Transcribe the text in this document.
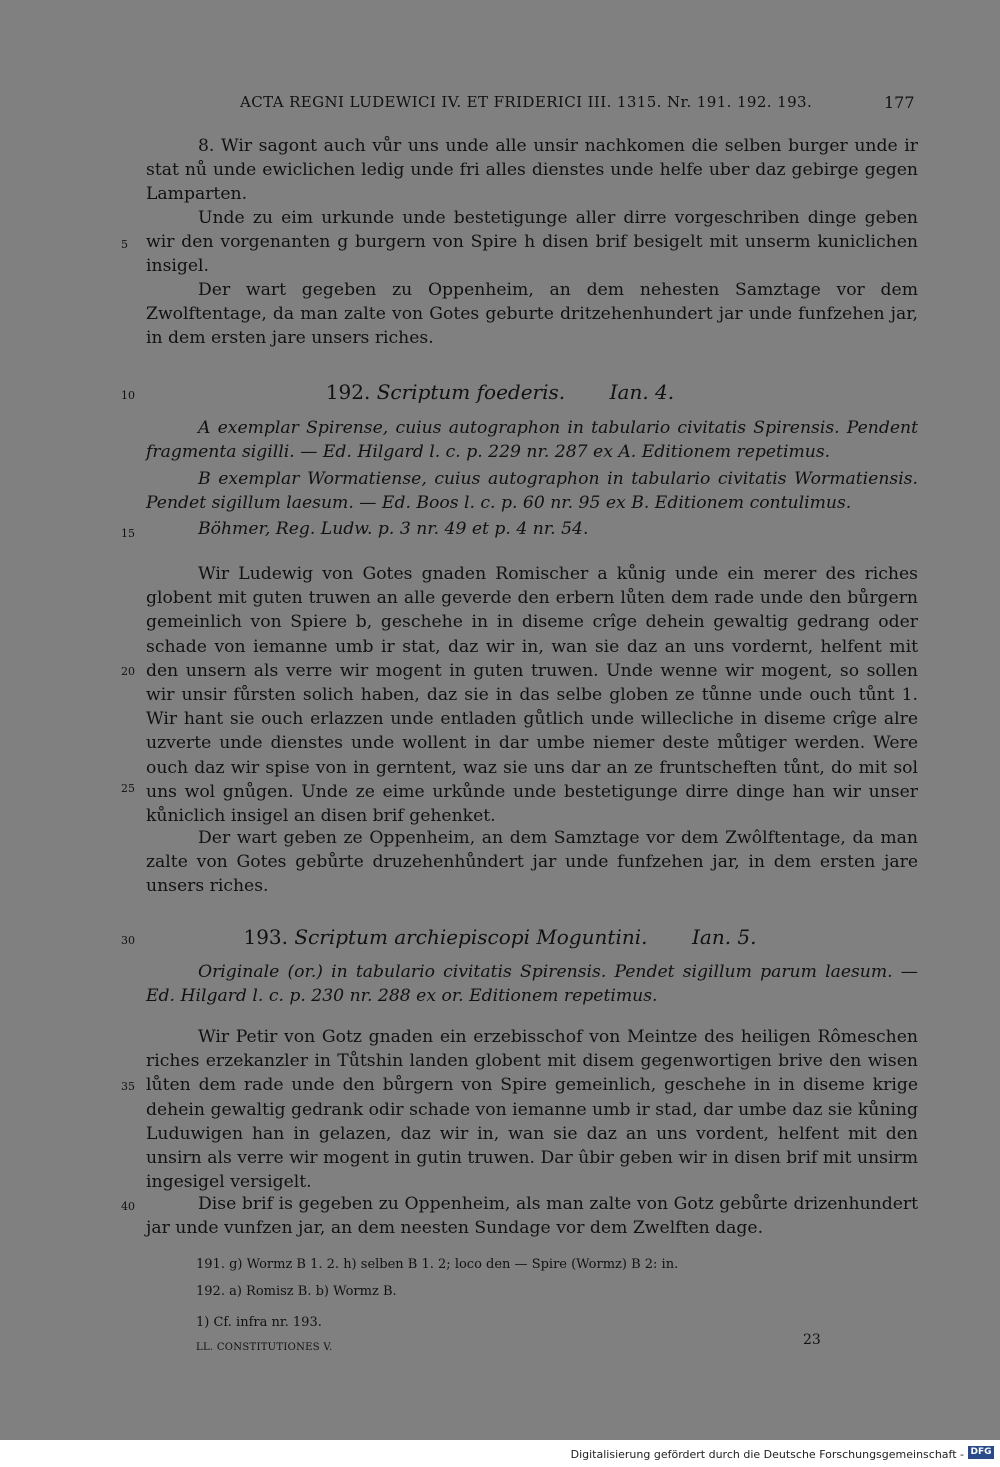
ACTA REGNI LUDEWICI IV. ET FRIDERICI III. 1315. Nr. 191. 192. 193.	177
5
10
15
20
25
30
35
40
8. Wir sagont auch vůr uns unde alle unsir nachkomen die selben burger unde ir stat nů unde ewiclichen ledig unde fri alles dienstes unde helfe uber daz gebirge gegen Lamparten.
Unde zu eim urkunde unde bestetigunge aller dirre vorgeschriben dinge geben wir den vorgenanten g burgern von Spire h disen brif besigelt mit unserm kuniclichen insigel.
Der wart gegeben zu Oppenheim, an dem nehesten Samztage vor dem Zwolftentage, da man zalte von Gotes geburte dritzehenhundert jar unde funfzehen jar, in dem ersten jare unsers riches.
192. Scriptum foederis. Ian. 4.
A exemplar Spirense, cuius autographon in tabulario civitatis Spirensis. Pendent fragmenta sigilli. — Ed. Hilgard l. c. p. 229 nr. 287 ex A. Editionem repetimus.
B exemplar Wormatiense, cuius autographon in tabulario civitatis Wormatiensis. Pendet sigillum laesum. — Ed. Boos l. c. p. 60 nr. 95 ex B. Editionem contulimus.
Böhmer, Reg. Ludw. p. 3 nr. 49 et p. 4 nr. 54.
Wir Ludewig von Gotes gnaden Romischer a kůnig unde ein merer des riches globent mit guten truwen an alle geverde den erbern lůten dem rade unde den bůrgern gemeinlich von Spiere b, geschehe in in diseme crîge dehein gewaltig gedrang oder schade von iemanne umb ir stat, daz wir in, wan sie daz an uns vordernt, helfent mit den unsern als verre wir mogent in guten truwen. Unde wenne wir mogent, so sollen wir unsir fůrsten solich haben, daz sie in das selbe globen ze tůnne unde ouch tůnt 1. Wir hant sie ouch erlazzen unde entladen gůtlich unde willecliche in diseme crîge alre uzverte unde dienstes unde wollent in dar umbe niemer deste můtiger werden. Were ouch daz wir spise von in gerntent, waz sie uns dar an ze fruntscheften tůnt, do mit sol uns wol gnůgen. Unde ze eime urkůnde unde bestetigunge dirre dinge han wir unser kůniclich insigel an disen brif gehenket.
Der wart geben ze Oppenheim, an dem Samztage vor dem Zwôlftentage, da man zalte von Gotes gebůrte druzehenhůndert jar unde funfzehen jar, in dem ersten jare unsers riches.
193. Scriptum archiepiscopi Moguntini. Ian. 5.
Originale (or.) in tabulario civitatis Spirensis. Pendet sigillum parum laesum. — Ed. Hilgard l. c. p. 230 nr. 288 ex or. Editionem repetimus.
Wir Petir von Gotz gnaden ein erzebisschof von Meintze des heiligen Rômeschen riches erzekanzler in Tůtshin landen globent mit disem gegenwortigen brive den wisen lůten dem rade unde den bůrgern von Spire gemeinlich, geschehe in in diseme krige dehein gewaltig gedrank odir schade von iemanne umb ir stad, dar umbe daz sie kůning Luduwigen han in gelazen, daz wir in, wan sie daz an uns vordent, helfent mit den unsirn als verre wir mogent in gutin truwen. Dar ûbir geben wir in disen brif mit unsirm ingesigel versigelt.
Dise brif is gegeben zu Oppenheim, als man zalte von Gotz gebůrte drizenhundert jar unde vunfzen jar, an dem neesten Sundage vor dem Zwelften dage.
191. g) Wormz B 1. 2. h) selben B 1. 2; loco den — Spire (Wormz) B 2: in.
192. a) Romisz B. b) Wormz B.
1) Cf. infra nr. 193.
LL. CONSTITUTIONES V.	23
Digitalisierung gefördert durch die Deutsche Forschungsgemeinschaft - DFG
